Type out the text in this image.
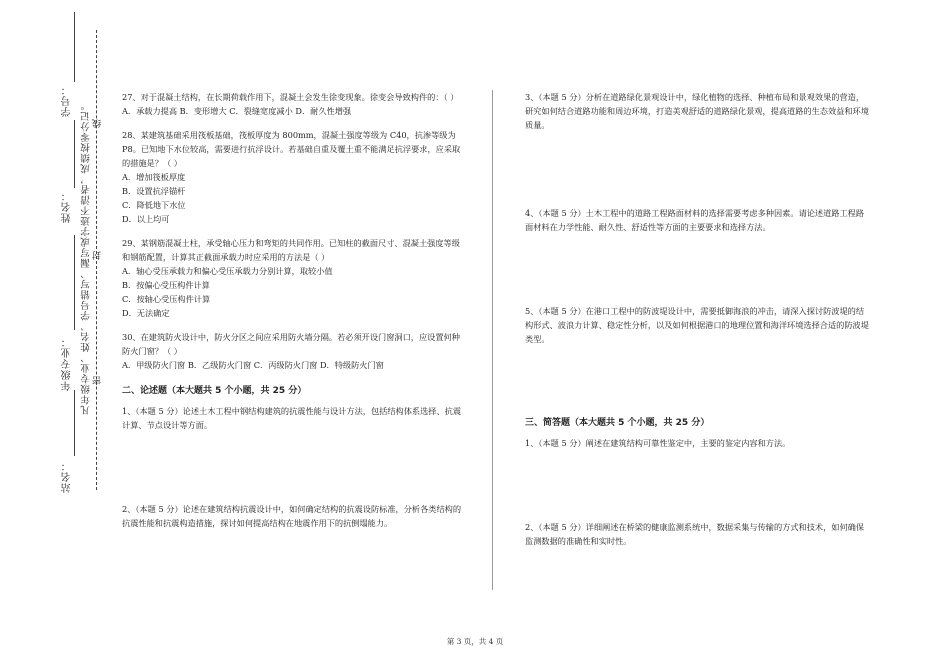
学号：
姓名：
年级专业：
站名：
凡年级专业、姓名、学号错写、漏写或字迹不清者，成绩按零分记。 线
封
密

27、对于混凝土结构，在长期荷载作用下，混凝土会发生徐变现象。徐变会导致构件的：（ ）

A．承载力提高 B．变形增大 C．裂缝宽度减小 D．耐久性增强

28、某建筑基础采用筏板基础，筏板厚度为 800mm，混凝土强度等级为 C40，抗渗等级为 P8。已知地下水位较高，需要进行抗浮设计。若基础自重及覆土重不能满足抗浮要求，应采取的措施是？（ ）

A．增加筏板厚度

B．设置抗浮锚杆

C．降低地下水位

D．以上均可

29、某钢筋混凝土柱，承受轴心压力和弯矩的共同作用。已知柱的截面尺寸、混凝土强度等级和钢筋配置，计算其正截面承载力时应采用的方法是（ ）

A．轴心受压承载力和偏心受压承载力分别计算，取较小值

B．按偏心受压构件计算

C．按轴心受压构件计算

D．无法确定

30、在建筑防火设计中，防火分区之间应采用防火墙分隔。若必须开设门窗洞口，应设置何种防火门窗？（ ）

A．甲级防火门窗 B．乙级防火门窗 C．丙级防火门窗 D．特级防火门窗

二、论述题（本大题共 5 个小题，共 25 分）

1、（本题 5 分）论述土木工程中钢结构建筑的抗震性能与设计方法，包括结构体系选择、抗震计算、节点设计等方面。

2、（本题 5 分）论述在建筑结构抗震设计中，如何确定结构的抗震设防标准，分析各类结构的抗震性能和抗震构造措施，探讨如何提高结构在地震作用下的抗倒塌能力。

3、（本题 5 分）分析在道路绿化景观设计中，绿化植物的选择、种植布局和景观效果的营造，研究如何结合道路功能和周边环境，打造美观舒适的道路绿化景观，提高道路的生态效益和环境质量。

4、（本题 5 分）土木工程中的道路工程路面材料的选择需要考虑多种因素。请论述道路工程路面材料在力学性能、耐久性、舒适性等方面的主要要求和选择方法。

5、（本题 5 分）在港口工程中的防波堤设计中，需要抵御海浪的冲击，请深入探讨防波堤的结构形式、波浪力计算、稳定性分析，以及如何根据港口的地理位置和海洋环境选择合适的防波堤类型。

三、简答题（本大题共 5 个小题，共 25 分）

1、（本题 5 分）阐述在建筑结构可靠性鉴定中，主要的鉴定内容和方法。

2、（本题 5 分）详细阐述在桥梁的健康监测系统中，数据采集与传输的方式和技术，如何确保监测数据的准确性和实时性。

第 3 页，共 4 页
